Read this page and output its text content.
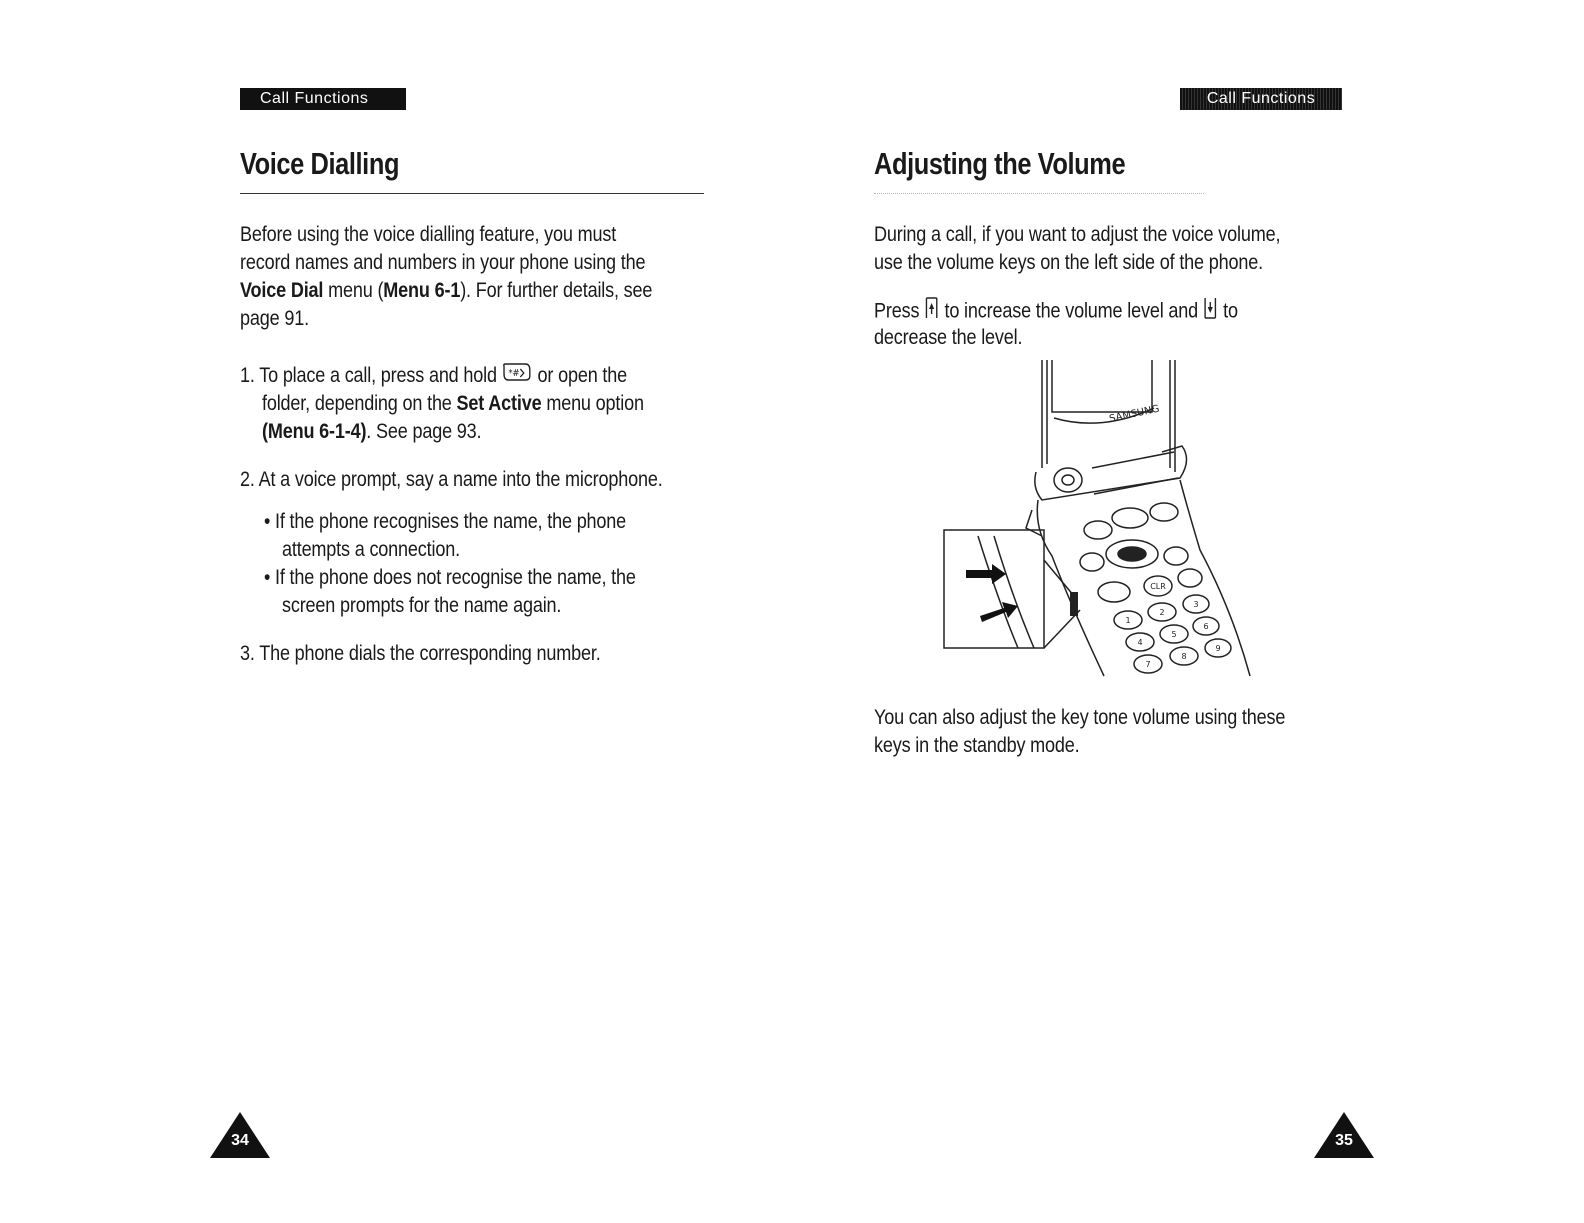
Call Functions
Voice Dialling
Before using the voice dialling feature, you must
record names and numbers in your phone using the
Voice Dial menu (Menu 6-1). For further details, see
page 91.
1. To place a call, press and hold *# or open the
folder, depending on the Set Active menu option
(Menu 6-1-4). See page 93.
2. At a voice prompt, say a name into the microphone.
• If the phone recognises the name, the phone
attempts a connection.
• If the phone does not recognise the name, the
screen prompts for the name again.
3. The phone dials the corresponding number.
34
Call Functions
Adjusting the Volume
During a call, if you want to adjust the voice volume,
use the volume keys on the left side of the phone.
Press to increase the volume level and to
decrease the level.
SAMSUNG
CLR
1
2
3
4
5
6
7
8
9
You can also adjust the key tone volume using these
keys in the standby mode.
35
